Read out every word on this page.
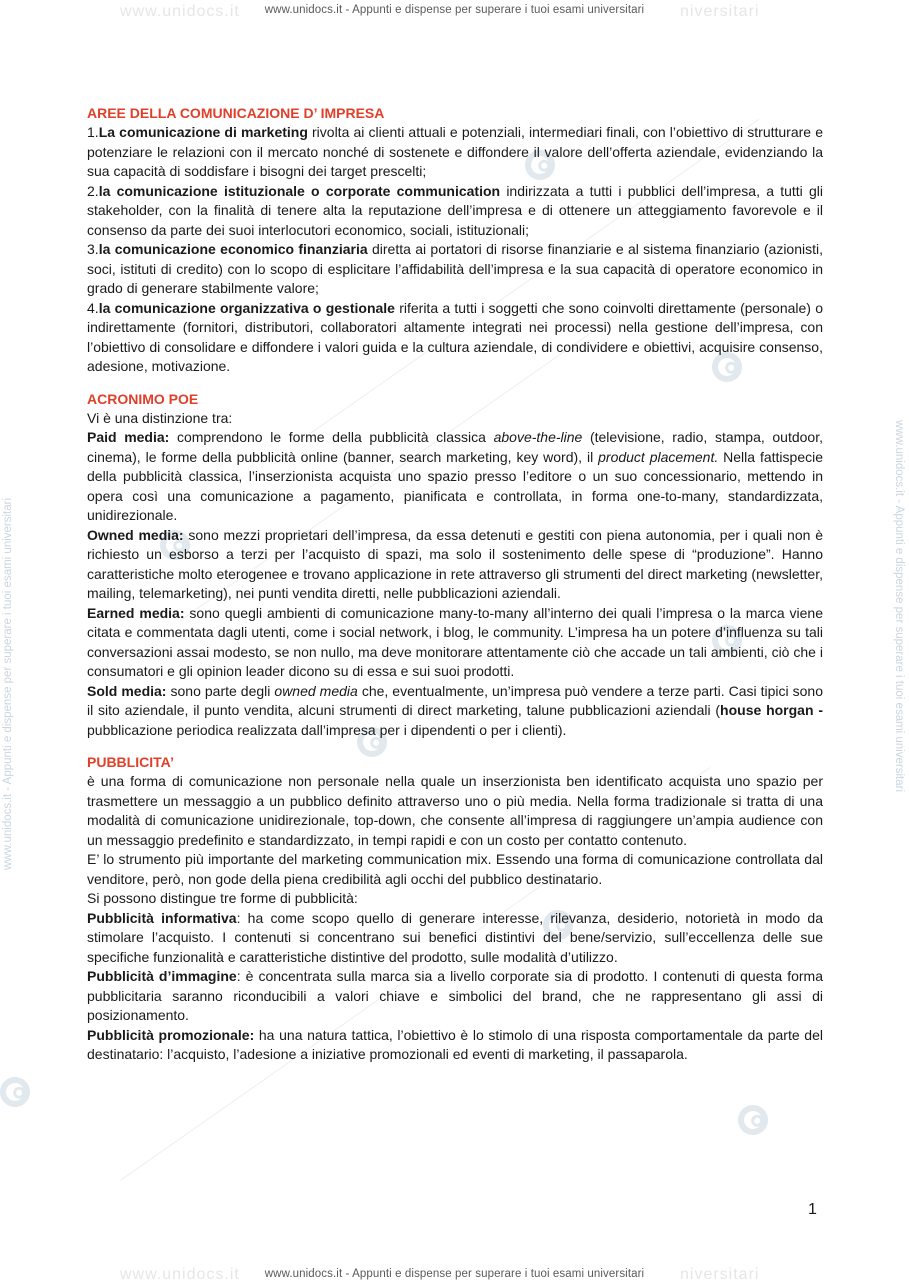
www.unidocs.it	niversitari
www.unidocs.it - Appunti e dispense per superare i tuoi esami universitari
www.unidocs.it	niversitari
www.unidocs.it - Appunti e dispense per superare i tuoi esami universitari
www.unidocs.it - Appunti e dispense per superare i tuoi esami universitari	www.unidocs.it - Appunti e dispense per superare i tuoi esami universitari

AREE DELLA COMUNICAZIONE D’ IMPRESA

1.La comunicazione di marketing rivolta ai clienti attuali e potenziali, intermediari finali, con l’obiettivo di strutturare e potenziare le relazioni con il mercato nonché di sostenete e diffondere il valore dell’offerta aziendale, evidenziando la sua capacità di soddisfare i bisogni dei target prescelti;

2.la comunicazione istituzionale o corporate communication indirizzata a tutti i pubblici dell’impresa, a tutti gli stakeholder, con la finalità di tenere alta la reputazione dell’impresa e di ottenere un atteggiamento favorevole e il consenso da parte dei suoi interlocutori economico, sociali, istituzionali;

3.la comunicazione economico finanziaria diretta ai portatori di risorse finanziarie e al sistema finanziario (azionisti, soci, istituti di credito) con lo scopo di esplicitare l’affidabilità dell’impresa e la sua capacità di operatore economico in grado di generare stabilmente valore;

4.la comunicazione organizzativa o gestionale riferita a tutti i soggetti che sono coinvolti direttamente (personale) o indirettamente (fornitori, distributori, collaboratori altamente integrati nei processi) nella gestione dell’impresa, con l’obiettivo di consolidare e diffondere i valori guida e la cultura aziendale, di condividere e obiettivi, acquisire consenso, adesione, motivazione.

ACRONIMO POE

Vi è una distinzione tra:

Paid media: comprendono le forme della pubblicità classica above-the-line (televisione, radio, stampa, outdoor, cinema), le forme della pubblicità online (banner, search marketing, key word), il product placement. Nella fattispecie della pubblicità classica, l’inserzionista acquista uno spazio presso l’editore o un suo concessionario, mettendo in opera così una comunicazione a pagamento, pianificata e controllata, in forma one-to-many, standardizzata, unidirezionale.

Owned media: sono mezzi proprietari dell’impresa, da essa detenuti e gestiti con piena autonomia, per i quali non è richiesto un esborso a terzi per l’acquisto di spazi, ma solo il sostenimento delle spese di “produzione”. Hanno caratteristiche molto eterogenee e trovano applicazione in rete attraverso gli strumenti del direct marketing (newsletter, mailing, telemarketing), nei punti vendita diretti, nelle pubblicazioni aziendali.

Earned media: sono quegli ambienti di comunicazione many-to-many all’interno dei quali l’impresa o la marca viene citata e commentata dagli utenti, come i social network, i blog, le community. L’impresa ha un potere d’influenza su tali conversazioni assai modesto, se non nullo, ma deve monitorare attentamente ciò che accade un tali ambienti, ciò che i consumatori e gli opinion leader dicono su di essa e sui suoi prodotti.

Sold media: sono parte degli owned media che, eventualmente, un’impresa può vendere a terze parti. Casi tipici sono il sito aziendale, il punto vendita, alcuni strumenti di direct marketing, talune pubblicazioni aziendali (house horgan - pubblicazione periodica realizzata dall’impresa per i dipendenti o per i clienti).

PUBBLICITA’

è una forma di comunicazione non personale nella quale un inserzionista ben identificato acquista uno spazio per trasmettere un messaggio a un pubblico definito attraverso uno o più media. Nella forma tradizionale si tratta di una modalità di comunicazione unidirezionale, top-down, che consente all’impresa di raggiungere un’ampia audience con un messaggio predefinito e standardizzato, in tempi rapidi e con un costo per contatto contenuto.

E’ lo strumento più importante del marketing communication mix. Essendo una forma di comunicazione controllata dal venditore, però, non gode della piena credibilità agli occhi del pubblico destinatario.

Si possono distingue tre forme di pubblicità:

Pubblicità informativa: ha come scopo quello di generare interesse, rilevanza, desiderio, notorietà in modo da stimolare l’acquisto. I contenuti si concentrano sui benefici distintivi del bene/servizio, sull’eccellenza delle sue specifiche funzionalità e caratteristiche distintive del prodotto, sulle modalità d’utilizzo.

Pubblicità d’immagine: è concentrata sulla marca sia a livello corporate sia di prodotto. I contenuti di questa forma pubblicitaria saranno riconducibili a valori chiave e simbolici del brand, che ne rappresentano gli assi di posizionamento.

Pubblicità promozionale: ha una natura tattica, l’obiettivo è lo stimolo di una risposta comportamentale da parte del destinatario: l’acquisto, l’adesione a iniziative promozionali ed eventi di marketing, il passaparola.

1
